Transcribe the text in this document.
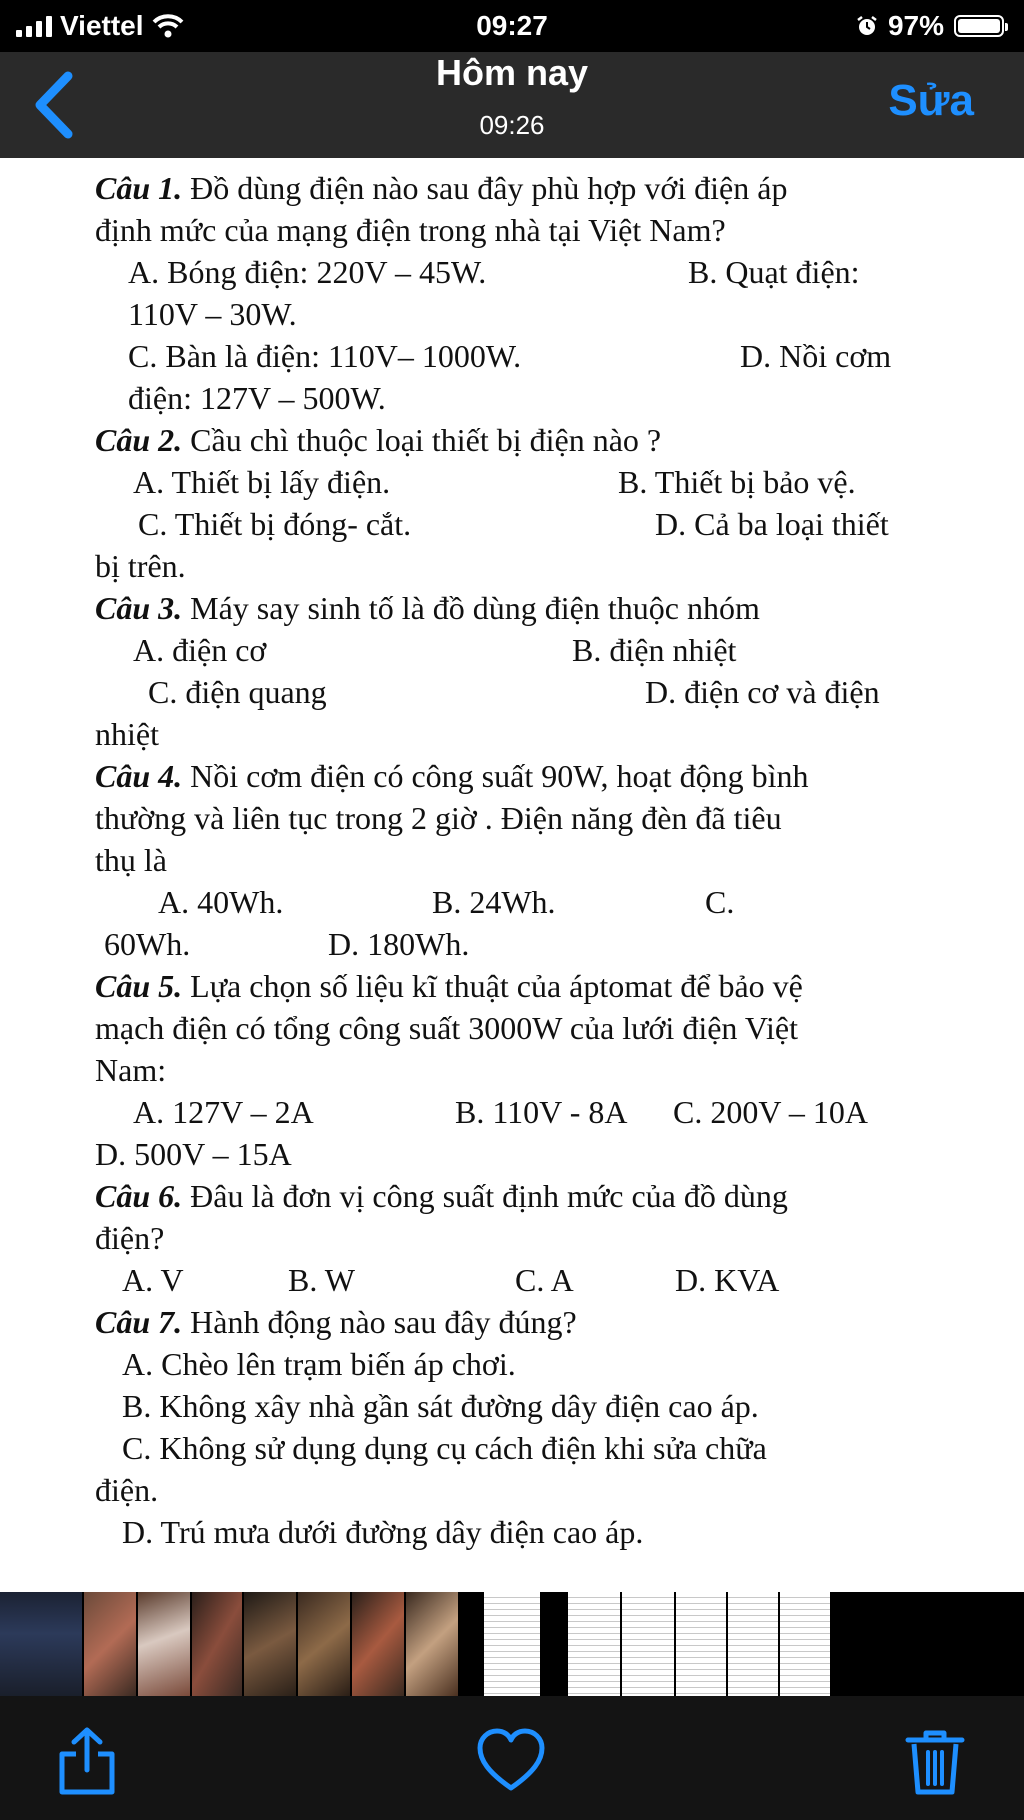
Viettel	09:27	97%
Hôm nay
09:26	Sửa
Câu 1. Đồ dùng điện nào sau đây phù hợp với điện áp
định mức của mạng điện trong nhà tại Việt Nam?
A. Bóng điện: 220V – 45W.	B. Quạt điện:
110V – 30W.
C. Bàn là điện: 110V– 1000W.	D. Nồi cơm
điện: 127V – 500W.
Câu 2. Cầu chì thuộc loại thiết bị điện nào ?
A. Thiết bị lấy điện.	B. Thiết bị bảo vệ.
C. Thiết bị đóng- cắt.	D. Cả ba loại thiết
bị trên.
Câu 3. Máy say sinh tố là đồ dùng điện thuộc nhóm
A. điện cơ	B. điện nhiệt
C. điện quang	D. điện cơ và điện
nhiệt
Câu 4. Nồi cơm điện có công suất 90W, hoạt động bình
thường và liên tục trong 2 giờ . Điện năng đèn đã tiêu
thụ là
A. 40Wh.	B. 24Wh.	C.
60Wh.	D. 180Wh.
Câu 5. Lựa chọn số liệu kĩ thuật của áptomat để bảo vệ
mạch điện có tổng công suất 3000W của lưới điện Việt
Nam:
A. 127V – 2A	B. 110V - 8A C. 200V – 10A
D. 500V – 15A
Câu 6. Đâu là đơn vị công suất định mức của đồ dùng
điện?
A. V	B. W	C. A	D. KVA
Câu 7. Hành động nào sau đây đúng?
A. Chèo lên trạm biến áp chơi.
B. Không xây nhà gần sát đường dây điện cao áp.
C. Không sử dụng dụng cụ cách điện khi sửa chữa
điện.
D. Trú mưa dưới đường dây điện cao áp.
